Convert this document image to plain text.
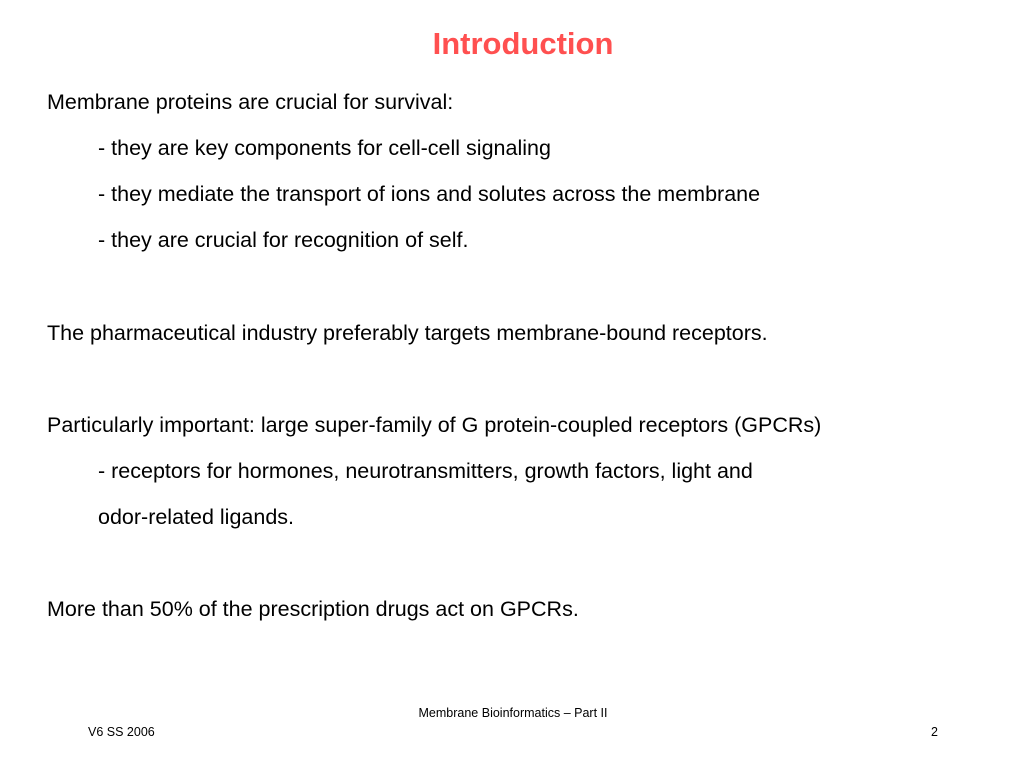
Introduction
Membrane proteins are crucial for survival:
- they are key components for cell-cell signaling
- they mediate the transport of ions and solutes across the membrane
- they are crucial for recognition of self.
The pharmaceutical industry preferably targets membrane-bound receptors.
Particularly important: large super-family of G protein-coupled receptors (GPCRs)
- receptors for hormones, neurotransmitters, growth factors, light and
odor-related ligands.
More than 50% of the prescription drugs act on GPCRs.
Membrane Bioinformatics – Part II
V6 SS 2006	2
